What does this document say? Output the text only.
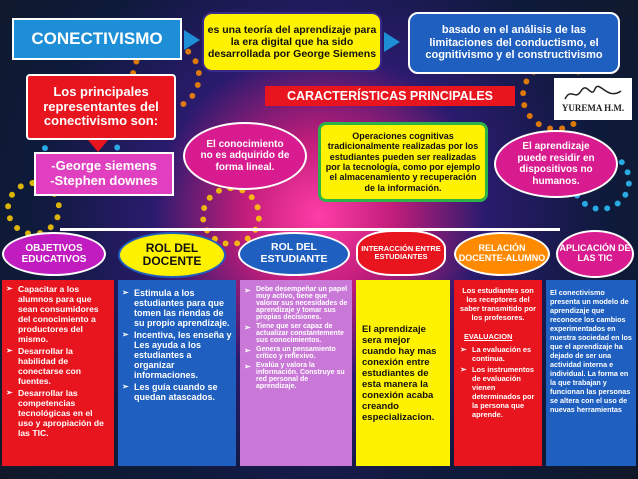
CONECTIVISMO	es una teoría del aprendizaje para la era digital que ha sido desarrollada por George Siemens
basado en el análisis de las limitaciones del conductismo, el cognitivismo y el constructivismo
Los principales representantes del conectivismo son:
-George siemens
-Stephen downes
CARACTERÍSTICAS PRINCIPALES
YUREMA H.M.
El conocimiento no es adquirido de forma lineal.
Operaciones cognitivas tradicionalmente realizadas por los estudiantes pueden ser realizadas por la tecnología, como por ejemplo el almacenamiento y recuperación de la información.
El aprendizaje puede residir en dispositivos no humanos.
OBJETIVOS EDUCATIVOS
ROL DEL DOCENTE
ROL DEL ESTUDIANTE
INTERACCIÓN ENTRE ESTUDIANTES
RELACIÓN DOCENTE-ALUMNO
APLICACIÓN DE LAS TIC
➢ Capacitar a los alumnos para que sean consumidores del conocimiento a productores del mismo.
➢ Desarrollar la habilidad de conectarse con fuentes.
➢ Desarrollar las competencias tecnológicas en el uso y apropiación de las TIC.
➢ Estimula a los estudiantes para que tomen las riendas de su propio aprendizaje.
➢ Incentiva, les enseña y Les ayuda a los estudiantes a organizar informaciones.
➢ Les guía cuando se quedan atascados.
➢ Debe desempeñar un papel muy activo, tiene que valorar sus necesidades de aprendizaje y tomar sus propias decisiones.
➢ Tiene que ser capaz de actualizar constantemente sus conocimientos.
➢ Genera un pensamiento crítico y reflexivo.
➢ Evalúa y valora la información. Construye su red personal de aprendizaje.
El aprendizaje sera mejor cuando hay mas conexión entre estudiantes de esta manera la conexión acaba creando especializacion.
Los estudiantes son los receptores del saber transmitido por los profesores.
EVALUACION
➢ La evaluación es continua.
➢ Los instrumentos de evaluación vienen determinados por la persona que aprende.
El conectivismo presenta un modelo de aprendizaje que reconoce los cambios experimentados en nuestra sociedad en los que el aprendizaje ha dejado de ser una actividad interna e individual. La forma en la que trabajan y funcionan las personas se altera con el uso de nuevas herramientas
